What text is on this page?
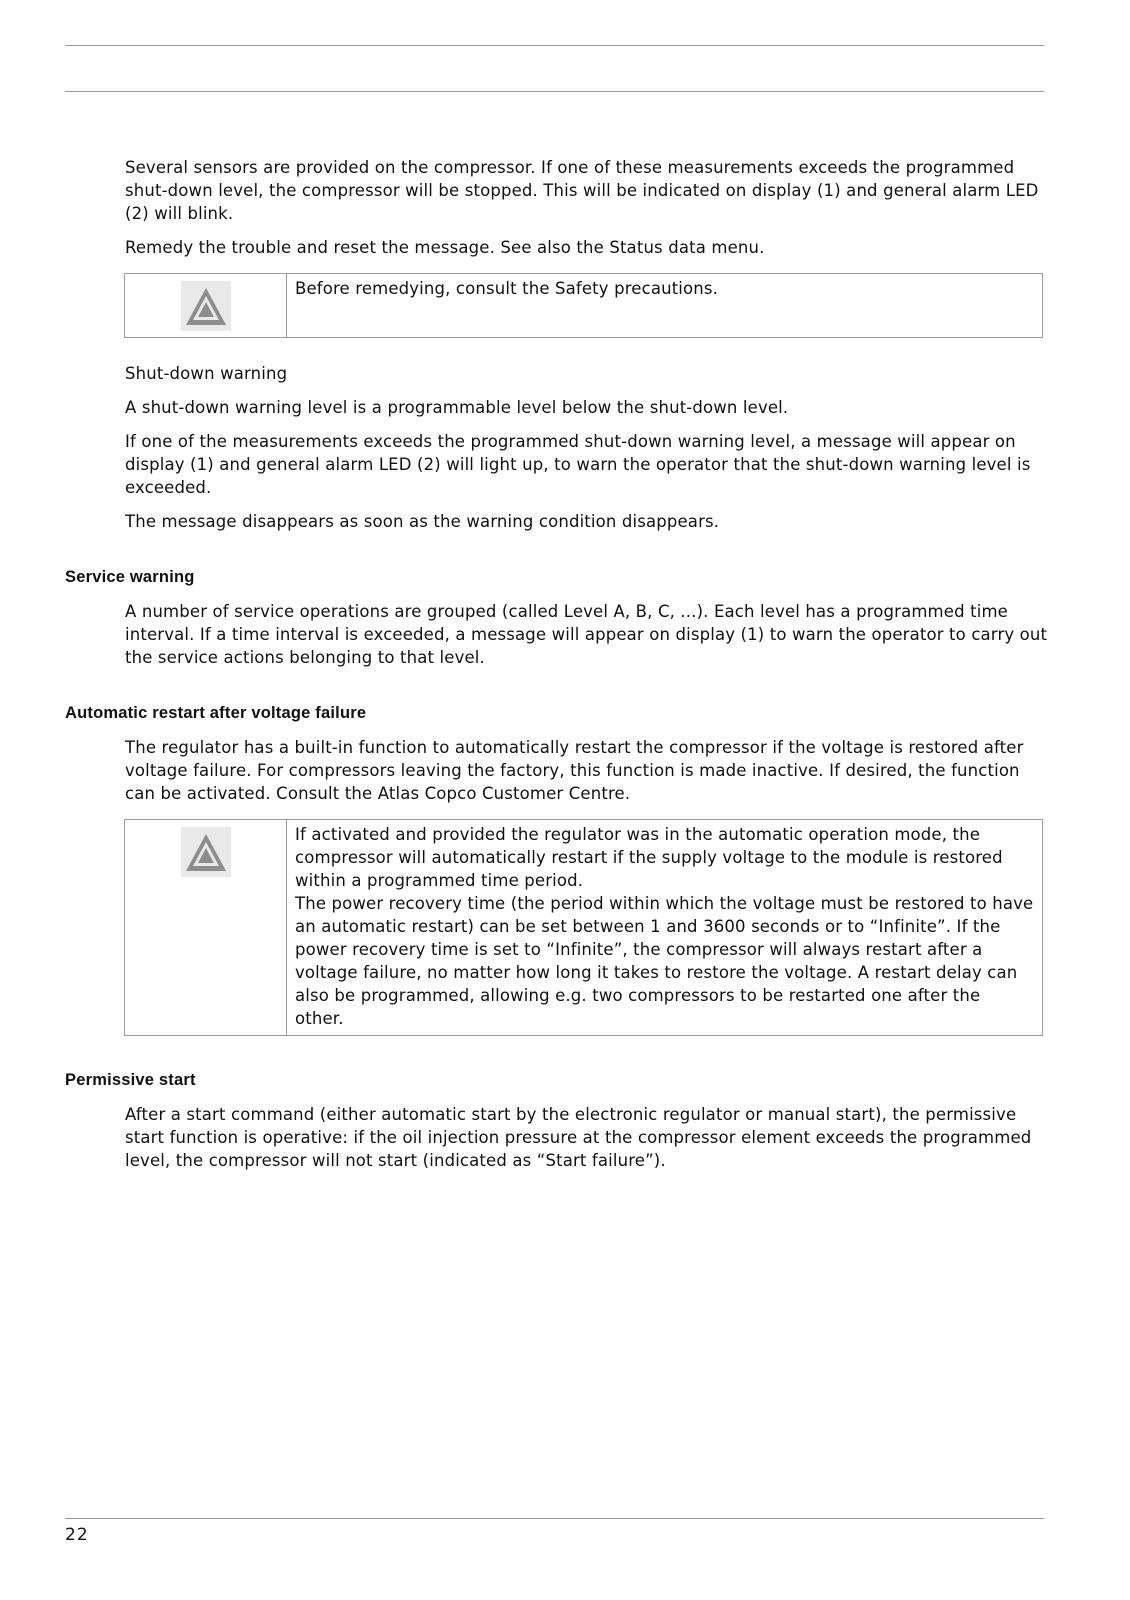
Several sensors are provided on the compressor. If one of these measurements exceeds the programmed shut-down level, the compressor will be stopped. This will be indicated on display (1) and general alarm LED (2) will blink.

Remedy the trouble and reset the message. See also the Status data menu.

Before remedying, consult the Safety precautions.

Shut-down warning

A shut-down warning level is a programmable level below the shut-down level.

If one of the measurements exceeds the programmed shut-down warning level, a message will appear on display (1) and general alarm LED (2) will light up, to warn the operator that the shut-down warning level is exceeded.

The message disappears as soon as the warning condition disappears.

Service warning

A number of service operations are grouped (called Level A, B, C, ...). Each level has a programmed time interval. If a time interval is exceeded, a message will appear on display (1) to warn the operator to carry out the service actions belonging to that level.

Automatic restart after voltage failure

The regulator has a built-in function to automatically restart the compressor if the voltage is restored after voltage failure. For compressors leaving the factory, this function is made inactive. If desired, the function can be activated. Consult the Atlas Copco Customer Centre.

If activated and provided the regulator was in the automatic operation mode, the compressor will automatically restart if the supply voltage to the module is restored within a programmed time period.
The power recovery time (the period within which the voltage must be restored to have an automatic restart) can be set between 1 and 3600 seconds or to “Infinite”. If the power recovery time is set to “Infinite”, the compressor will always restart after a voltage failure, no matter how long it takes to restore the voltage. A restart delay can also be programmed, allowing e.g. two compressors to be restarted one after the other.
Permissive start

After a start command (either automatic start by the electronic regulator or manual start), the permissive start function is operative: if the oil injection pressure at the compressor element exceeds the programmed level, the compressor will not start (indicated as “Start failure”).

22
